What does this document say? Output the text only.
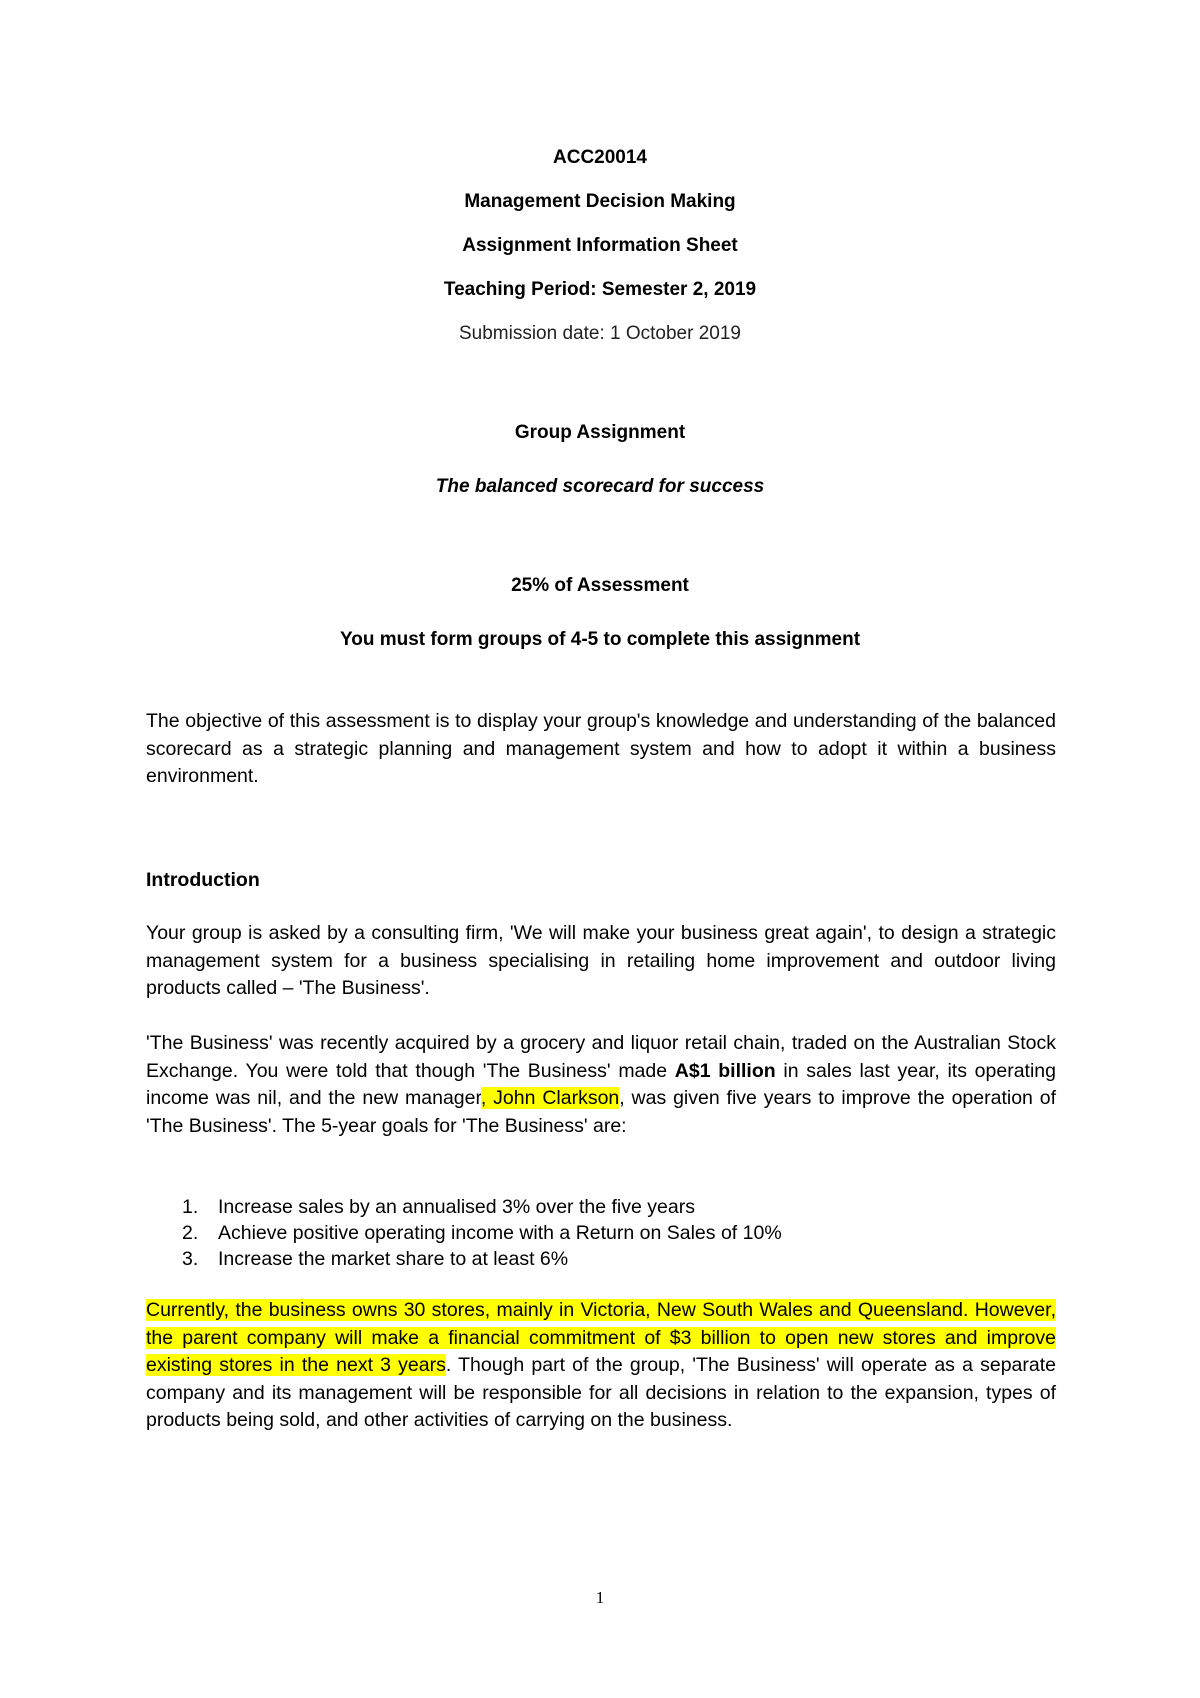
ACC20014
Management Decision Making
Assignment Information Sheet
Teaching Period: Semester 2, 2019
Submission date: 1 October 2019
Group Assignment
The balanced scorecard for success
25% of Assessment
You must form groups of 4-5 to complete this assignment
The objective of this assessment is to display your group's knowledge and understanding of the balanced scorecard as a strategic planning and management system and how to adopt it within a business environment.
Introduction
Your group is asked by a consulting firm, 'We will make your business great again', to design a strategic management system for a business specialising in retailing home improvement and outdoor living products called – 'The Business'.
'The Business' was recently acquired by a grocery and liquor retail chain, traded on the Australian Stock Exchange. You were told that though 'The Business' made A$1 billion in sales last year, its operating income was nil, and the new manager, John Clarkson, was given five years to improve the operation of 'The Business'. The 5-year goals for 'The Business' are:
1. Increase sales by an annualised 3% over the five years
2. Achieve positive operating income with a Return on Sales of 10%
3. Increase the market share to at least 6%
Currently, the business owns 30 stores, mainly in Victoria, New South Wales and Queensland. However, the parent company will make a financial commitment of $3 billion to open new stores and improve existing stores in the next 3 years. Though part of the group, 'The Business' will operate as a separate company and its management will be responsible for all decisions in relation to the expansion, types of products being sold, and other activities of carrying on the business.
1
